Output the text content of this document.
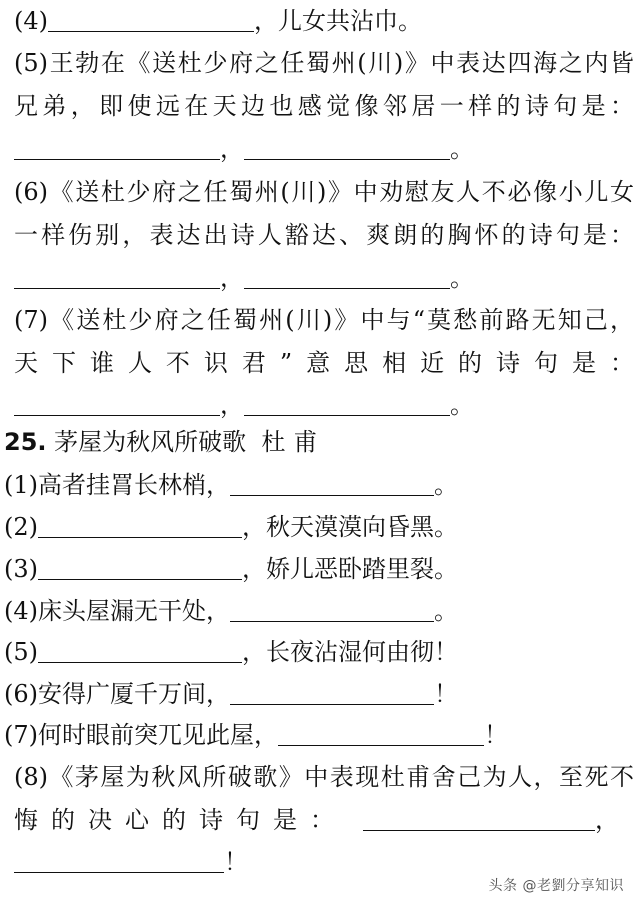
(4)	，儿女共沾巾。
(5)王勃在《送杜少府之任蜀州(川)》中表达四海之内皆
兄弟，即使远在天边也感觉像邻居一样的诗句是：
，	。
(6)《送杜少府之任蜀州(川)》中劝慰友人不必像小儿女
一样伤别，表达出诗人豁达、爽朗的胸怀的诗句是：
，	。
(7)《送杜少府之任蜀州(川)》中与“莫愁前路无知己，
天下谁人不识君”意思相近的诗句是：
，	。
25. 茅屋为秋风所破歌 杜甫
(1)高者挂罥长林梢，	。
(2)	，秋天漠漠向昏黑。
(3)	，娇儿恶卧踏里裂。
(4)床头屋漏无干处，	。
(5)	，长夜沾湿何由彻！
(6)安得广厦千万间，	！
(7)何时眼前突兀见此屋，	！
(8)《茅屋为秋风所破歌》中表现杜甫舍己为人，至死不
悔的决心的诗句是：	，
！
头条 @老劉分享知识
